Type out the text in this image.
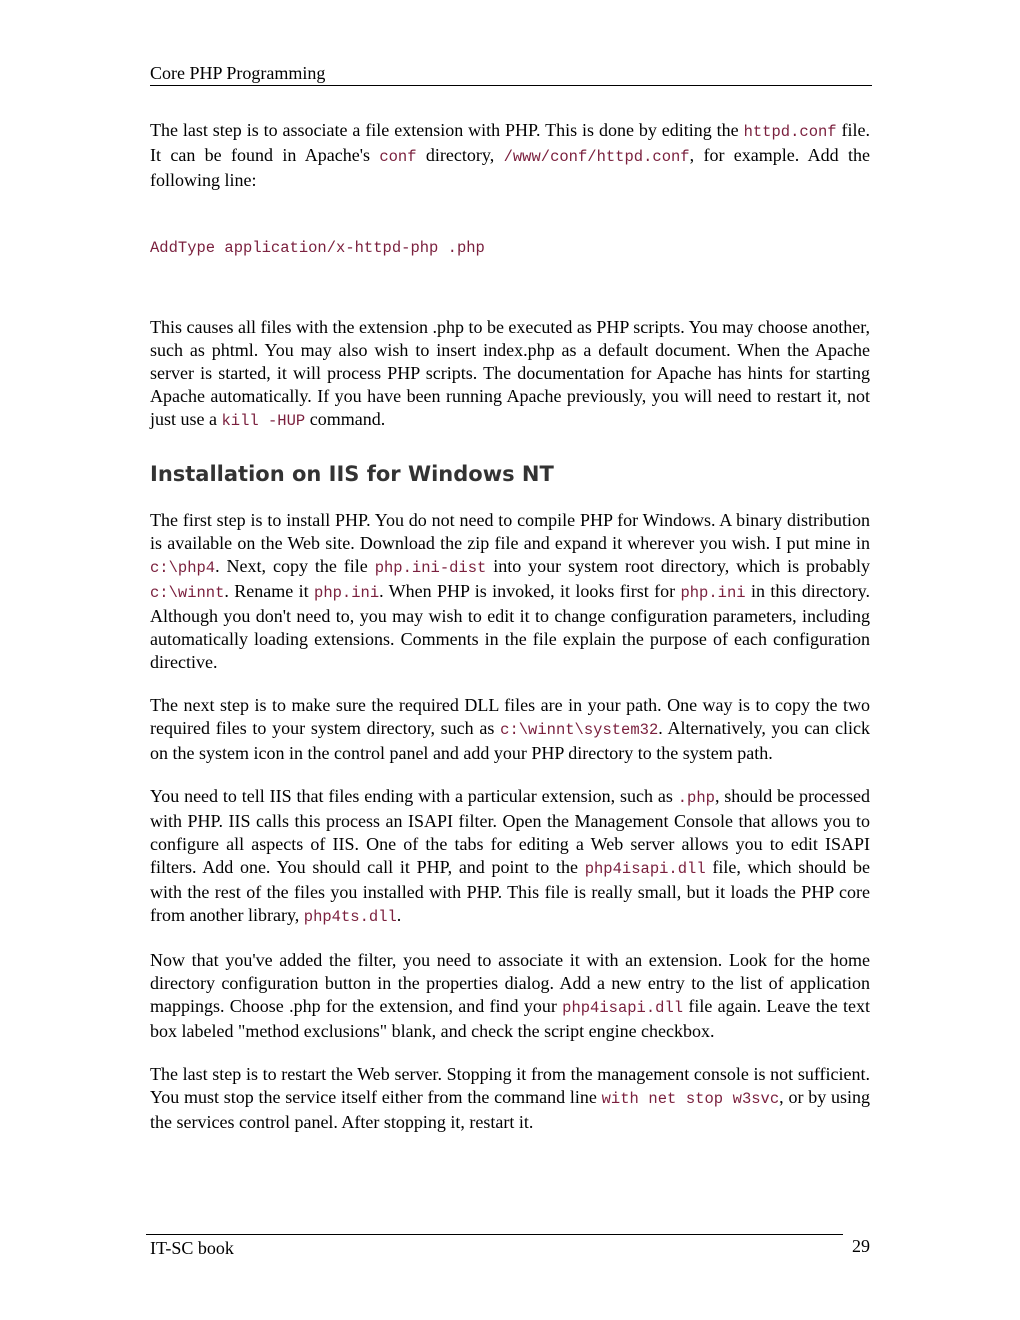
Core PHP Programming

The last step is to associate a file extension with PHP. This is done by editing the httpd.conf file. It can be found in Apache's conf directory, /www/conf/httpd.conf, for example. Add the following line:

AddType application/x-httpd-php .php

This causes all files with the extension .php to be executed as PHP scripts. You may choose another, such as phtml. You may also wish to insert index.php as a default document. When the Apache server is started, it will process PHP scripts. The documentation for Apache has hints for starting Apache automatically. If you have been running Apache previously, you will need to restart it, not just use a kill -HUP command.

Installation on IIS for Windows NT

The first step is to install PHP. You do not need to compile PHP for Windows. A binary distribution is available on the Web site. Download the zip file and expand it wherever you wish. I put mine in c:\php4. Next, copy the file php.ini-dist into your system root directory, which is probably c:\winnt. Rename it php.ini. When PHP is invoked, it looks first for php.ini in this directory. Although you don't need to, you may wish to edit it to change configuration parameters, including automatically loading extensions. Comments in the file explain the purpose of each configuration directive.

The next step is to make sure the required DLL files are in your path. One way is to copy the two required files to your system directory, such as c:\winnt\system32. Alternatively, you can click on the system icon in the control panel and add your PHP directory to the system path.

You need to tell IIS that files ending with a particular extension, such as .php, should be processed with PHP. IIS calls this process an ISAPI filter. Open the Management Console that allows you to configure all aspects of IIS. One of the tabs for editing a Web server allows you to edit ISAPI filters. Add one. You should call it PHP, and point to the php4isapi.dll file, which should be with the rest of the files you installed with PHP. This file is really small, but it loads the PHP core from another library, php4ts.dll.

Now that you've added the filter, you need to associate it with an extension. Look for the home directory configuration button in the properties dialog. Add a new entry to the list of application mappings. Choose .php for the extension, and find your php4isapi.dll file again. Leave the text box labeled "method exclusions" blank, and check the script engine checkbox.

The last step is to restart the Web server. Stopping it from the management console is not sufficient. You must stop the service itself either from the command line with net stop w3svc, or by using the services control panel. After stopping it, restart it.

IT-SC book	29
